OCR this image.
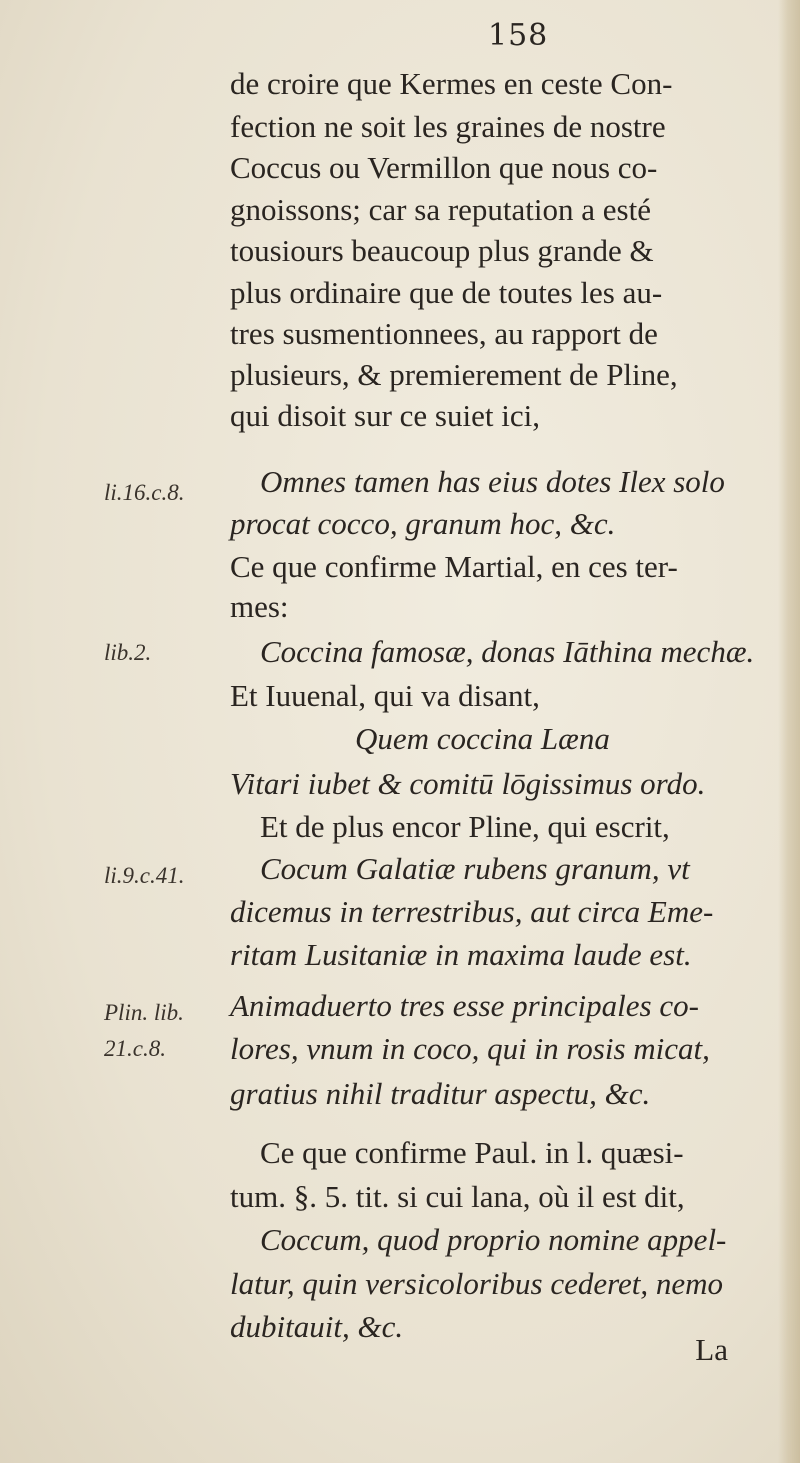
158
li.16.c.8.
lib.2.
li.9.c.41.
Plin. lib.
21.c.8.
de croire que Kermes en ceste Con-
fection ne soit les graines de nostre
Coccus ou Vermillon que nous co-
gnoissons; car sa reputation a esté
tousiours beaucoup plus grande &
plus ordinaire que de toutes les au-
tres susmentionnees, au rapport de
plusieurs, & premierement de Pline,
qui disoit sur ce suiet ici,
Omnes tamen has eius dotes Ilex solo
procat cocco, granum hoc, &c.
Ce que confirme Martial, en ces ter-
mes:
Coccina famosæ, donas Iāthina mechæ.
Et Iuuenal, qui va disant,
Quem coccina Læna
Vitari iubet & comitū lōgissimus ordo.
Et de plus encor Pline, qui escrit,
Cocum Galatiæ rubens granum, vt
dicemus in terrestribus, aut circa Eme-
ritam Lusitaniæ in maxima laude est.
Animaduerto tres esse principales co-
lores, vnum in coco, qui in rosis micat,
gratius nihil traditur aspectu, &c.
Ce que confirme Paul. in l. quæsi-
tum. §. 5. tit. si cui lana, où il est dit,
Coccum, quod proprio nomine appel-
latur, quin versicoloribus cederet, nemo
dubitauit, &c.
La
